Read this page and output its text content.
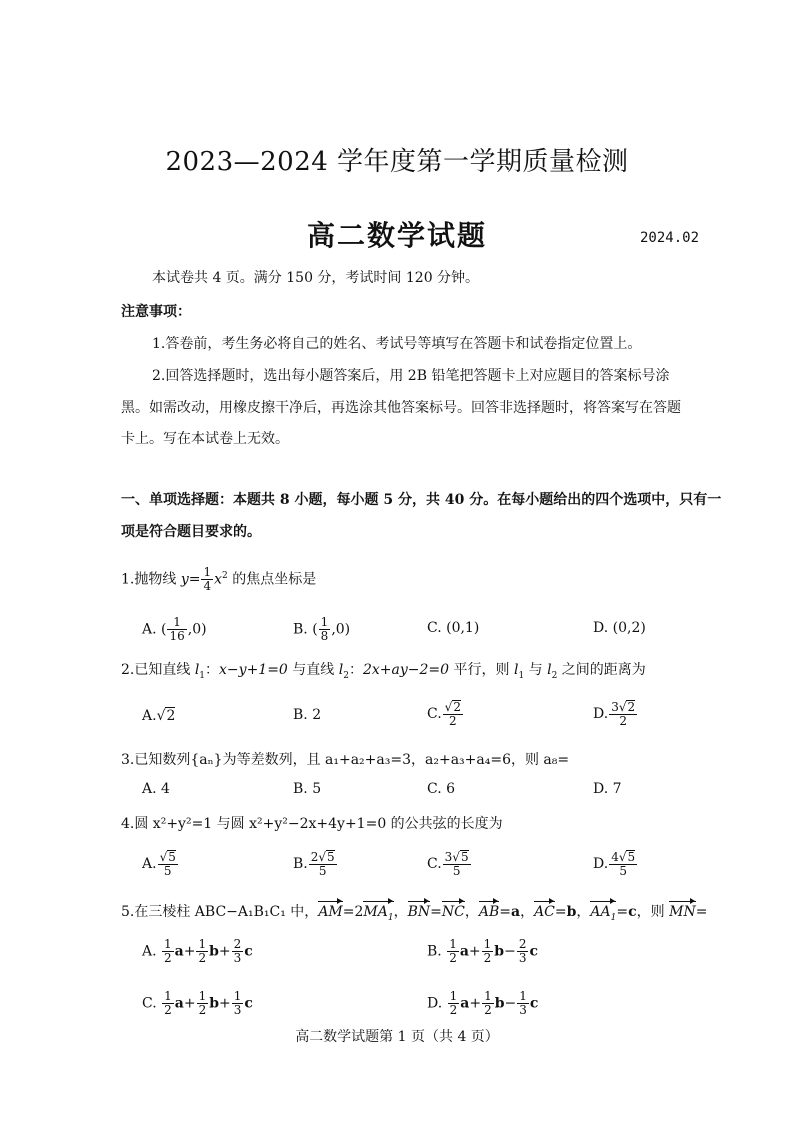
2023—2024 学年度第一学期质量检测
高二数学试题	2024.02
本试卷共 4 页。满分 150 分，考试时间 120 分钟。
注意事项：
1.答卷前，考生务必将自己的姓名、考试号等填写在答题卡和试卷指定位置上。
2.回答选择题时，选出每小题答案后，用 2B 铅笔把答题卡上对应题目的答案标号涂
黑。如需改动，用橡皮擦干净后，再选涂其他答案标号。回答非选择题时，将答案写在答题
卡上。写在本试卷上无效。
一、单项选择题：本题共 8 小题，每小题 5 分，共 40 分。在每小题给出的四个选项中，只有一
项是符合题目要求的。
1.抛物线 $y= \frac{1}{4} x^2$ 的焦点坐标是
A. ( $\frac{1}{16} ,0$)	B. ( $\frac{1}{8} ,0$)	C. (0,1)	D. (0,2)
2.已知直线 $l_1$：x−y+1=0 与直线 $l_2$：2x+ay−2=0 平行，则 $l_1$ 与 $l_2$ 之间的距离为
A.√2	B. 2	C. $\frac{√2}{2}$	D. $\frac{3√2}{2}$
3.已知数列{aₙ}为等差数列，且 a₁+a₂+a₃=3，a₂+a₃+a₄=6，则 a₈=
A. 4	B. 5	C. 6	D. 7
4.圆 x²+y²=1 与圆 x²+y²−2x+4y+1=0 的公共弦的长度为
A. $\frac{√5}{5}$	B. $\frac{2√5}{5}$	C. $\frac{3√5}{5}$	D. $\frac{4√5}{5}$
5.在三棱柱 ABC−A₁B₁C₁ 中，$AM=2MA_1$，BN=NC，AB=a，AC=b，$AA_1=c$，则 MN=
A. $\frac{1}{2} a+ \frac{1}{2} b+ \frac{2}{3}$ c	B. $\frac{1}{2} a+ \frac{1}{2} b- \frac{2}{3}$ c
C. $\frac{1}{2} a+ \frac{1}{2} b+ \frac{1}{3}$ c	D. $\frac{1}{2} a+ \frac{1}{2} b- \frac{1}{3}$ c
高二数学试题第 1 页（共 4 页）
